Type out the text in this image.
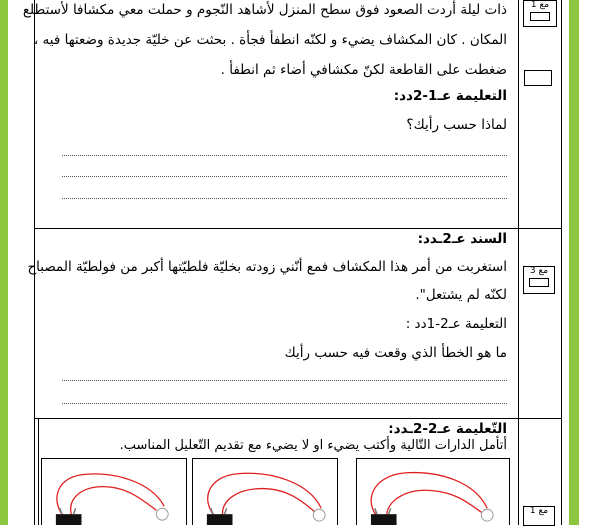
مع 1
ذات ليلة أردت الصعود فوق سطح المنزل لأشاهد النّجوم و حملت معي مكشافا لأستطلع
المكان . كان المكشاف يضيء و لكنّه انطفأ فجأة . بحثت عن خليّة جديدة وضعتها فيه ،
ضغطت على القاطعة لكنّ مكشافي أضاء ثم انطفأ .
التعليمة عـ1-2دد:
لماذا حسب رأيك؟
السند عـ2ـدد:
استغربت من أمر هذا المكشاف فمع أنّني زودته بخليّة فلطيّتها أكبر من فولطيّة المصباح
لكنّه لم يشتعل".
التعليمة عـ2-1دد :
ما هو الخطأ الذي وقعت فيه حسب رأيك
مع 3
التّعليمة عـ2-2ـدد:
أتأمل الدارات التّالية وأكتب يضيء او لا يضيء مع تقديم التّعليل المناسب.
مع 1
